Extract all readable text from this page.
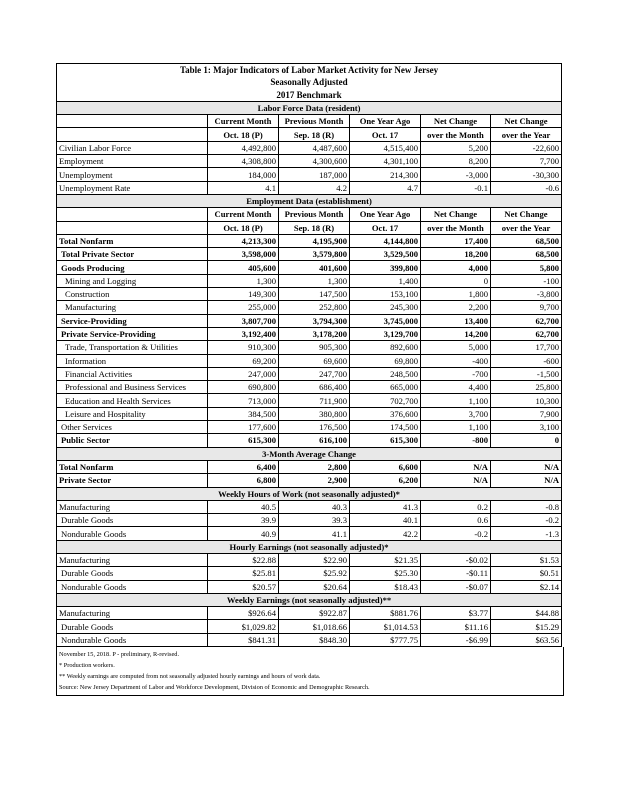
Table 1: Major Indicators of Labor Market Activity for New Jersey					
Seasonally Adjusted					
2017 Benchmark					
Labor Force Data (resident)					
	Current Month	Previous Month	One Year Ago	Net Change	Net Change
	Oct. 18 (P)	Sep. 18 (R)	Oct. 17	over the Month	over the Year
Civilian Labor Force	4,492,800	4,487,600	4,515,400	5,200	-22,600
Employment	4,308,800	4,300,600	4,301,100	8,200	7,700
Unemployment	184,000	187,000	214,300	-3,000	-30,300
Unemployment Rate	4.1	4.2	4.7	-0.1	-0.6
Employment Data (establishment)					
	Current Month	Previous Month	One Year Ago	Net Change	Net Change
	Oct. 18 (P)	Sep. 18 (R)	Oct. 17	over the Month	over the Year
Total Nonfarm	4,213,300	4,195,900	4,144,800	17,400	68,500
Total Private Sector	3,598,000	3,579,800	3,529,500	18,200	68,500
Goods Producing	405,600	401,600	399,800	4,000	5,800
Mining and Logging	1,300	1,300	1,400	0	-100
Construction	149,300	147,500	153,100	1,800	-3,800
Manufacturing	255,000	252,800	245,300	2,200	9,700
Service-Providing	3,807,700	3,794,300	3,745,000	13,400	62,700
Private Service-Providing	3,192,400	3,178,200	3,129,700	14,200	62,700
Trade, Transportation & Utilities	910,300	905,300	892,600	5,000	17,700
Information	69,200	69,600	69,800	-400	-600
Financial Activities	247,000	247,700	248,500	-700	-1,500
Professional and Business Services	690,800	686,400	665,000	4,400	25,800
Education and Health Services	713,000	711,900	702,700	1,100	10,300
Leisure and Hospitality	384,500	380,800	376,600	3,700	7,900
Other Services	177,600	176,500	174,500	1,100	3,100
Public Sector	615,300	616,100	615,300	-800	0
3-Month Average Change					
Total Nonfarm	6,400	2,800	6,600	N/A	N/A
Private Sector	6,800	2,900	6,200	N/A	N/A
Weekly Hours of Work (not seasonally adjusted)*					
Manufacturing	40.5	40.3	41.3	0.2	-0.8
Durable Goods	39.9	39.3	40.1	0.6	-0.2
Nondurable Goods	40.9	41.1	42.2	-0.2	-1.3
Hourly Earnings (not seasonally adjusted)*					
Manufacturing	$22.88	$22.90	$21.35	-$0.02	$1.53
Durable Goods	$25.81	$25.92	$25.30	-$0.11	$0.51
Nondurable Goods	$20.57	$20.64	$18.43	-$0.07	$2.14
Weekly Earnings (not seasonally adjusted)**					
Manufacturing	$926.64	$922.87	$881.76	$3.77	$44.88
Durable Goods	$1,029.82	$1,018.66	$1,014.53	$11.16	$15.29
Nondurable Goods	$841.31	$848.30	$777.75	-$6.99	$63.56
November 15, 2018. P - preliminary, R-revised.
* Production workers.
** Weekly earnings are computed from not seasonally adjusted hourly earnings and hours of work data.
Source: New Jersey Department of Labor and Workforce Development, Division of Economic and Demographic Research.
